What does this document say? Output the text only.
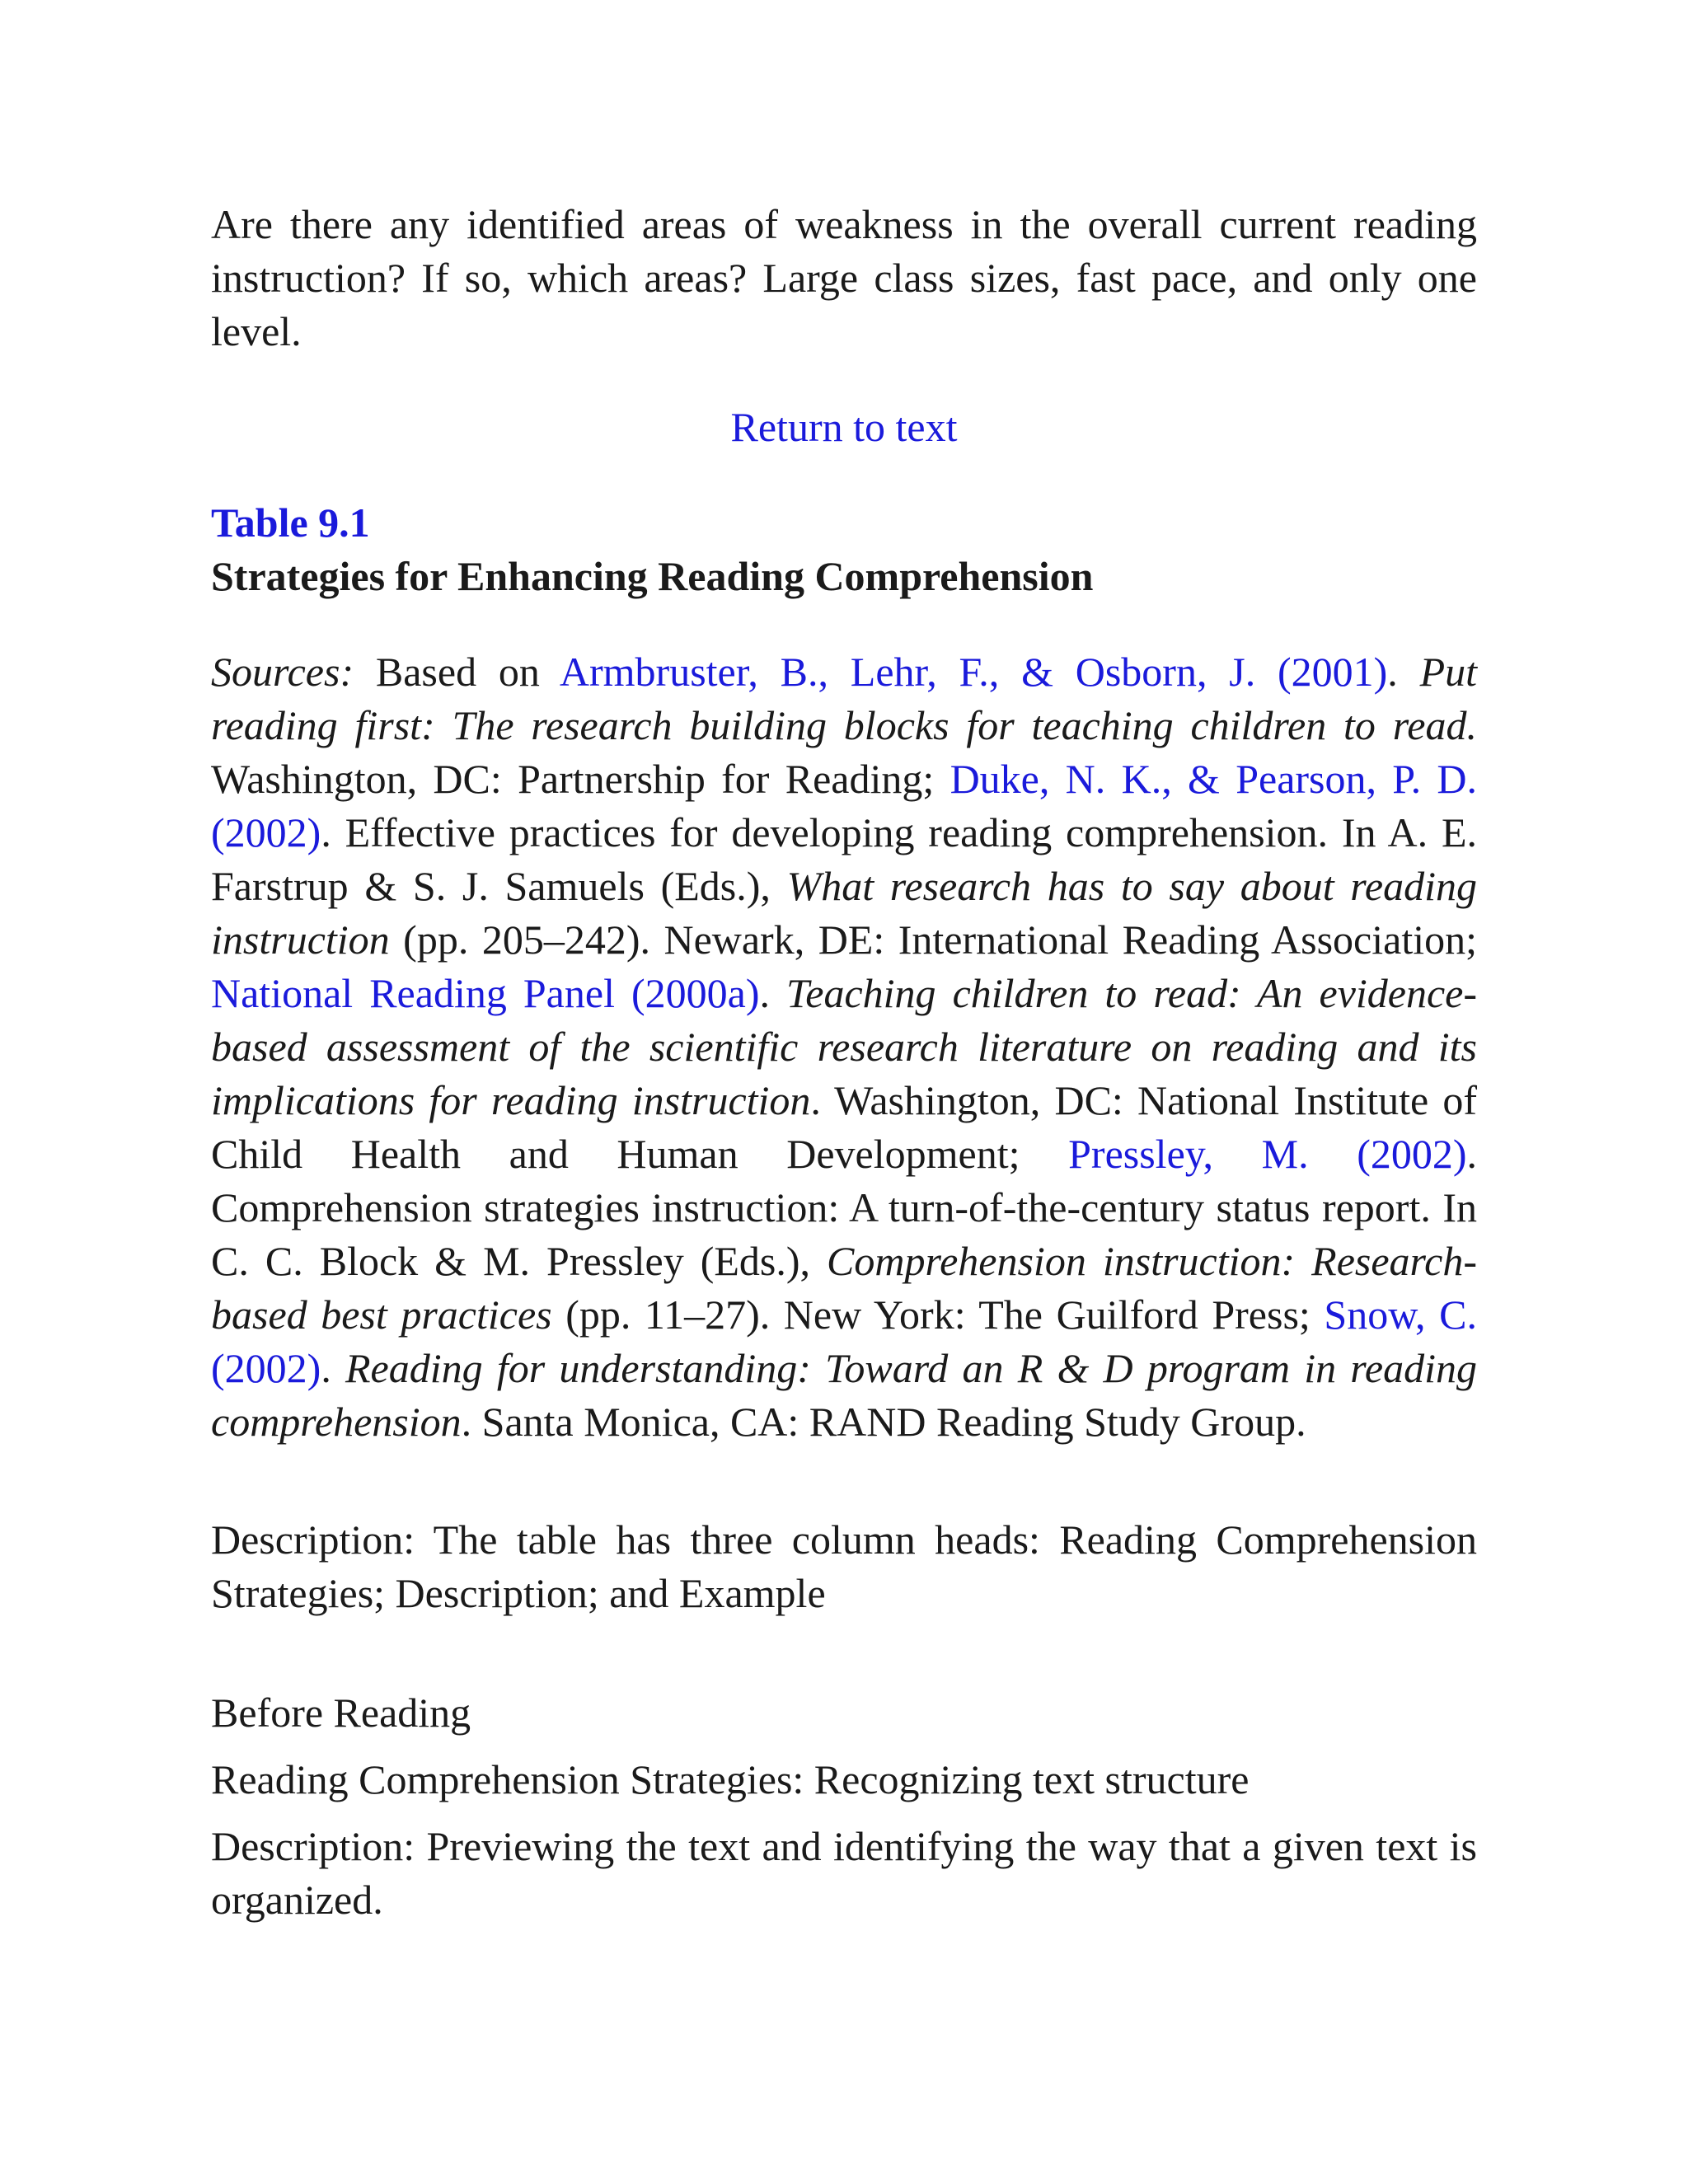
Are there any identified areas of weakness in the overall current reading instruction? If so, which areas? Large class sizes, fast pace, and only one level.

Return to text

Table 9.1

Strategies for Enhancing Reading Comprehension

Sources: Based on Armbruster, B., Lehr, F., & Osborn, J. (2001). Put reading first: The research building blocks for teaching children to read. Washington, DC: Partnership for Reading; Duke, N. K., & Pearson, P. D. (2002). Effective practices for developing reading comprehension. In A. E. Farstrup & S. J. Samuels (Eds.), What research has to say about reading instruction (pp. 205–242). Newark, DE: International Reading Association; National Reading Panel (2000a). Teaching children to read: An evidence-based assessment of the scientific research literature on reading and its implications for reading instruction. Washington, DC: National Institute of Child Health and Human Development; Pressley, M. (2002). Comprehension strategies instruction: A turn-of-the-century status report. In C. C. Block & M. Pressley (Eds.), Comprehension instruction: Research-based best practices (pp. 11–27). New York: The Guilford Press; Snow, C. (2002). Reading for understanding: Toward an R & D program in reading comprehension. Santa Monica, CA: RAND Reading Study Group.

Description: The table has three column heads: Reading Comprehension Strategies; Description; and Example

Before Reading

Reading Comprehension Strategies: Recognizing text structure

Description: Previewing the text and identifying the way that a given text is organized.
